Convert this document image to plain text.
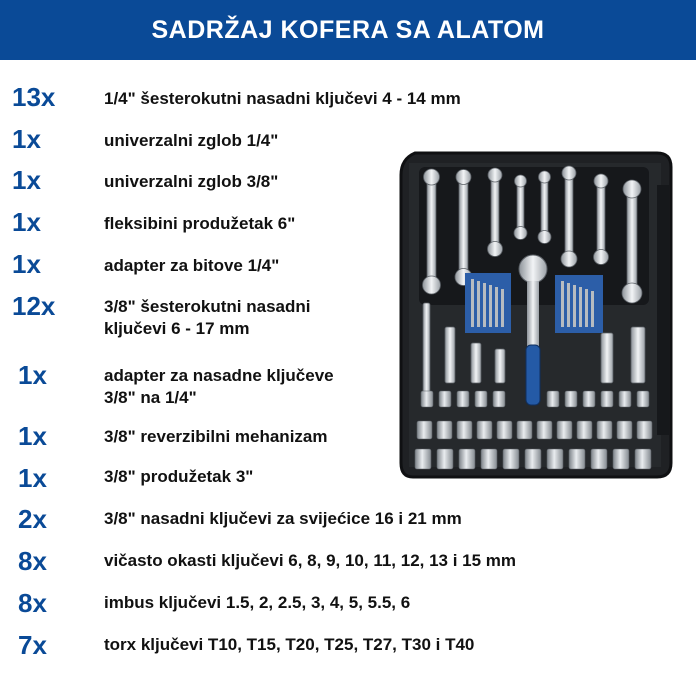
SADRŽAJ KOFERA SA ALATOM
13x	1/4" šesterokutni nasadni ključevi 4 - 14 mm
1x	univerzalni zglob 1/4"
1x	univerzalni zglob 3/8"
1x	fleksibini produžetak 6"
1x	adapter za bitove 1/4"
12x	3/8" šesterokutni nasadni
ključevi 6 - 17 mm
1x	adapter za nasadne ključeve
3/8" na 1/4"
1x	3/8" reverzibilni mehanizam
1x	3/8" produžetak 3"
2x	3/8" nasadni ključevi za svijećice 16 i 21 mm
8x	vičasto okasti ključevi 6, 8, 9, 10, 11, 12, 13 i 15 mm
8x	imbus ključevi 1.5, 2, 2.5, 3, 4, 5, 5.5, 6
7x	torx ključevi T10, T15, T20, T25, T27, T30 i T40
